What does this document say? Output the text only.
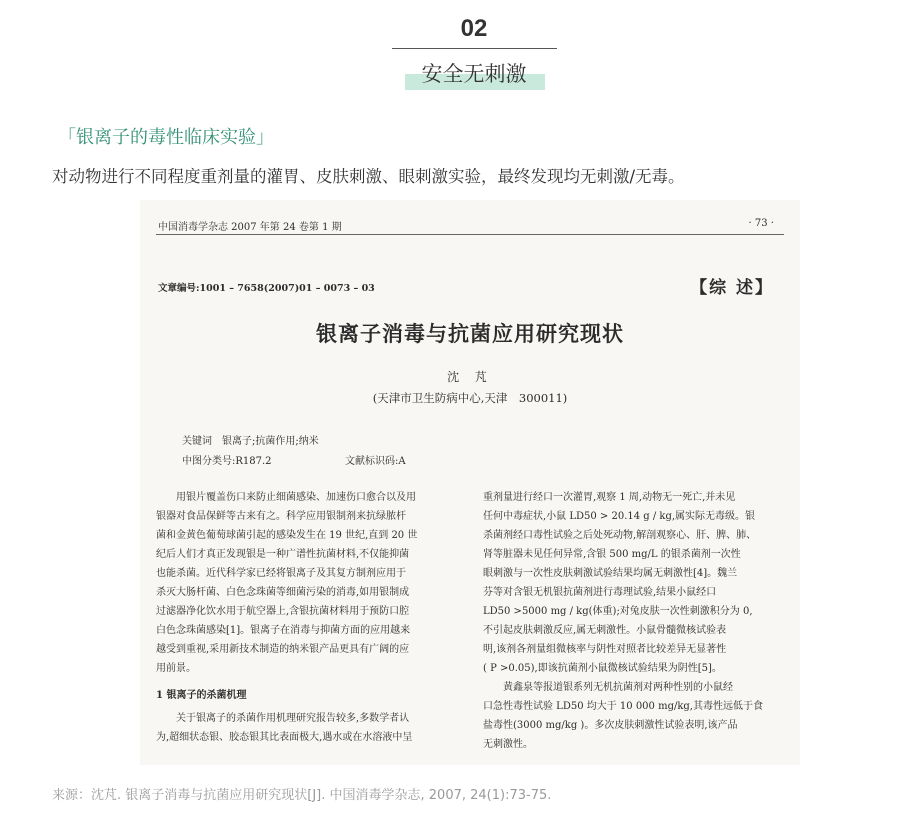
02
安全无刺激
「银离子的毒性临床实验」
对动物进行不同程度重剂量的灌胃、皮肤刺激、眼刺激实验，最终发现均无刺激/无毒。
中国消毒学杂志 2007 年第 24 卷第 1 期	· 73 ·
文章编号:1001 – 7658(2007)01 – 0073 – 03	【综 述】
银离子消毒与抗菌应用研究现状
沈 芃
(天津市卫生防病中心,天津　300011)
关键词　银离子;抗菌作用;纳米
中图分类号:R187.2	文献标识码:A

用银片覆盖伤口来防止细菌感染、加速伤口愈合以及用

银器对食品保鲜等古来有之。科学应用银制剂来抗绿脓杆

菌和金黄色葡萄球菌引起的感染发生在 19 世纪,直到 20 世

纪后人们才真正发现银是一种广谱性抗菌材料,不仅能抑菌

也能杀菌。近代科学家已经将银离子及其复方制剂应用于

杀灭大肠杆菌、白色念珠菌等细菌污染的消毒,如用银制成

过滤器净化饮水用于航空器上,含银抗菌材料用于预防口腔

白色念珠菌感染[1]。银离子在消毒与抑菌方面的应用越来

越受到重视,采用新技术制造的纳米银产品更具有广阔的应

用前景。

1 银离子的杀菌机理

关于银离子的杀菌作用机理研究报告较多,多数学者认

为,超细状态银、胶态银其比表面极大,遇水或在水溶液中呈

重剂量进行经口一次灌胃,观察 1 周,动物无一死亡,并未见

任何中毒症状,小鼠 LD50 > 20.14 g / kg,属实际无毒级。银

杀菌剂经口毒性试验之后处死动物,解剖观察心、肝、脾、肺、

肾等脏器未见任何异常,含银 500 mg/L 的银杀菌剂一次性

眼刺激与一次性皮肤刺激试验结果均属无刺激性[4]。魏兰

芬等对含银无机银抗菌剂进行毒理试验,结果小鼠经口

LD50 >5000 mg / kg(体重);对兔皮肤一次性刺激积分为 0,

不引起皮肤刺激反应,属无刺激性。小鼠骨髓微核试验表

明,该剂各剂量组微核率与阴性对照者比较差异无显著性

( P >0.05),即该抗菌剂小鼠微核试验结果为阴性[5]。

黄鑫泉等报道银系列无机抗菌剂对两种性别的小鼠经

口急性毒性试验 LD50 均大于 10 000 mg/kg,其毒性远低于食

盐毒性(3000 mg/kg )。多次皮肤刺激性试验表明,该产品

无刺激性。

来源：沈芃. 银离子消毒与抗菌应用研究现状[J]. 中国消毒学杂志, 2007, 24(1):73-75.
